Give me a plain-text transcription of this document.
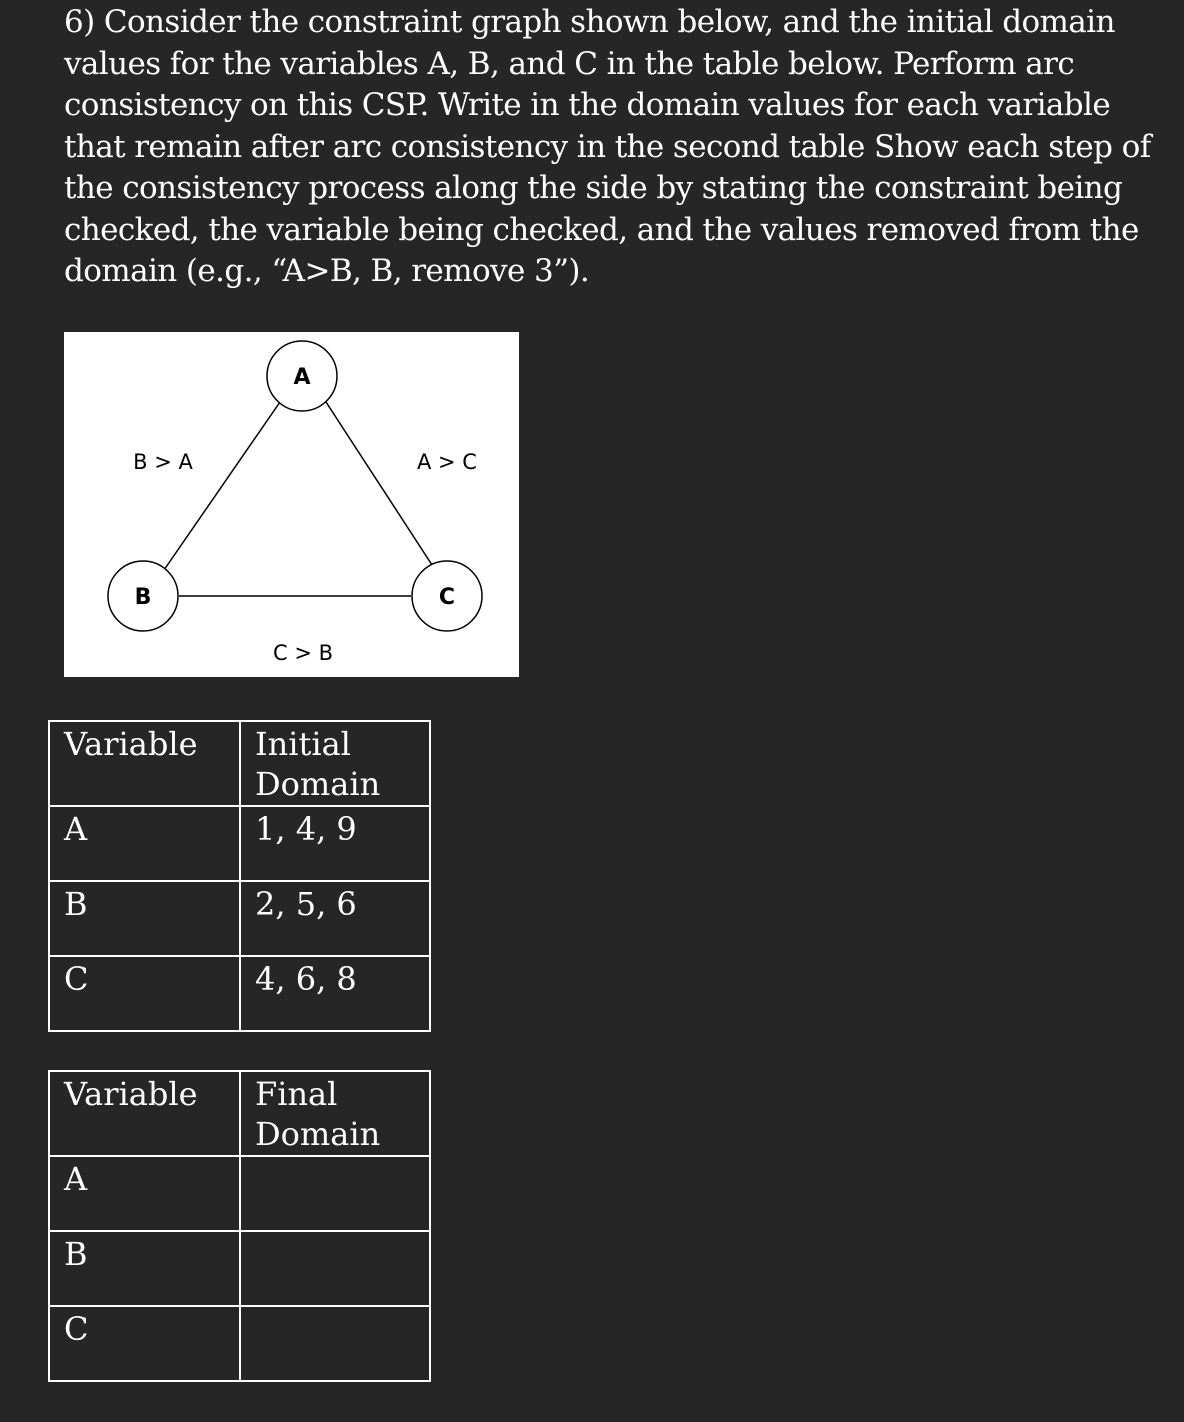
6) Consider the constraint graph shown below, and the initial domain values for the variables A, B, and C in the table below. Perform arc consistency on this CSP. Write in the domain values for each variable that remain after arc consistency in the second table Show each step of the consistency process along the side by stating the constraint being checked, the variable being checked, and the values removed from the domain (e.g., “A>B, B, remove 3”).

A
B	C
B > A	A > C
C > B
Variable	Initial Domain
A	1, 4, 9
B	2, 5, 6
C	4, 6, 8
Variable	Final Domain
A	
B	
C	
